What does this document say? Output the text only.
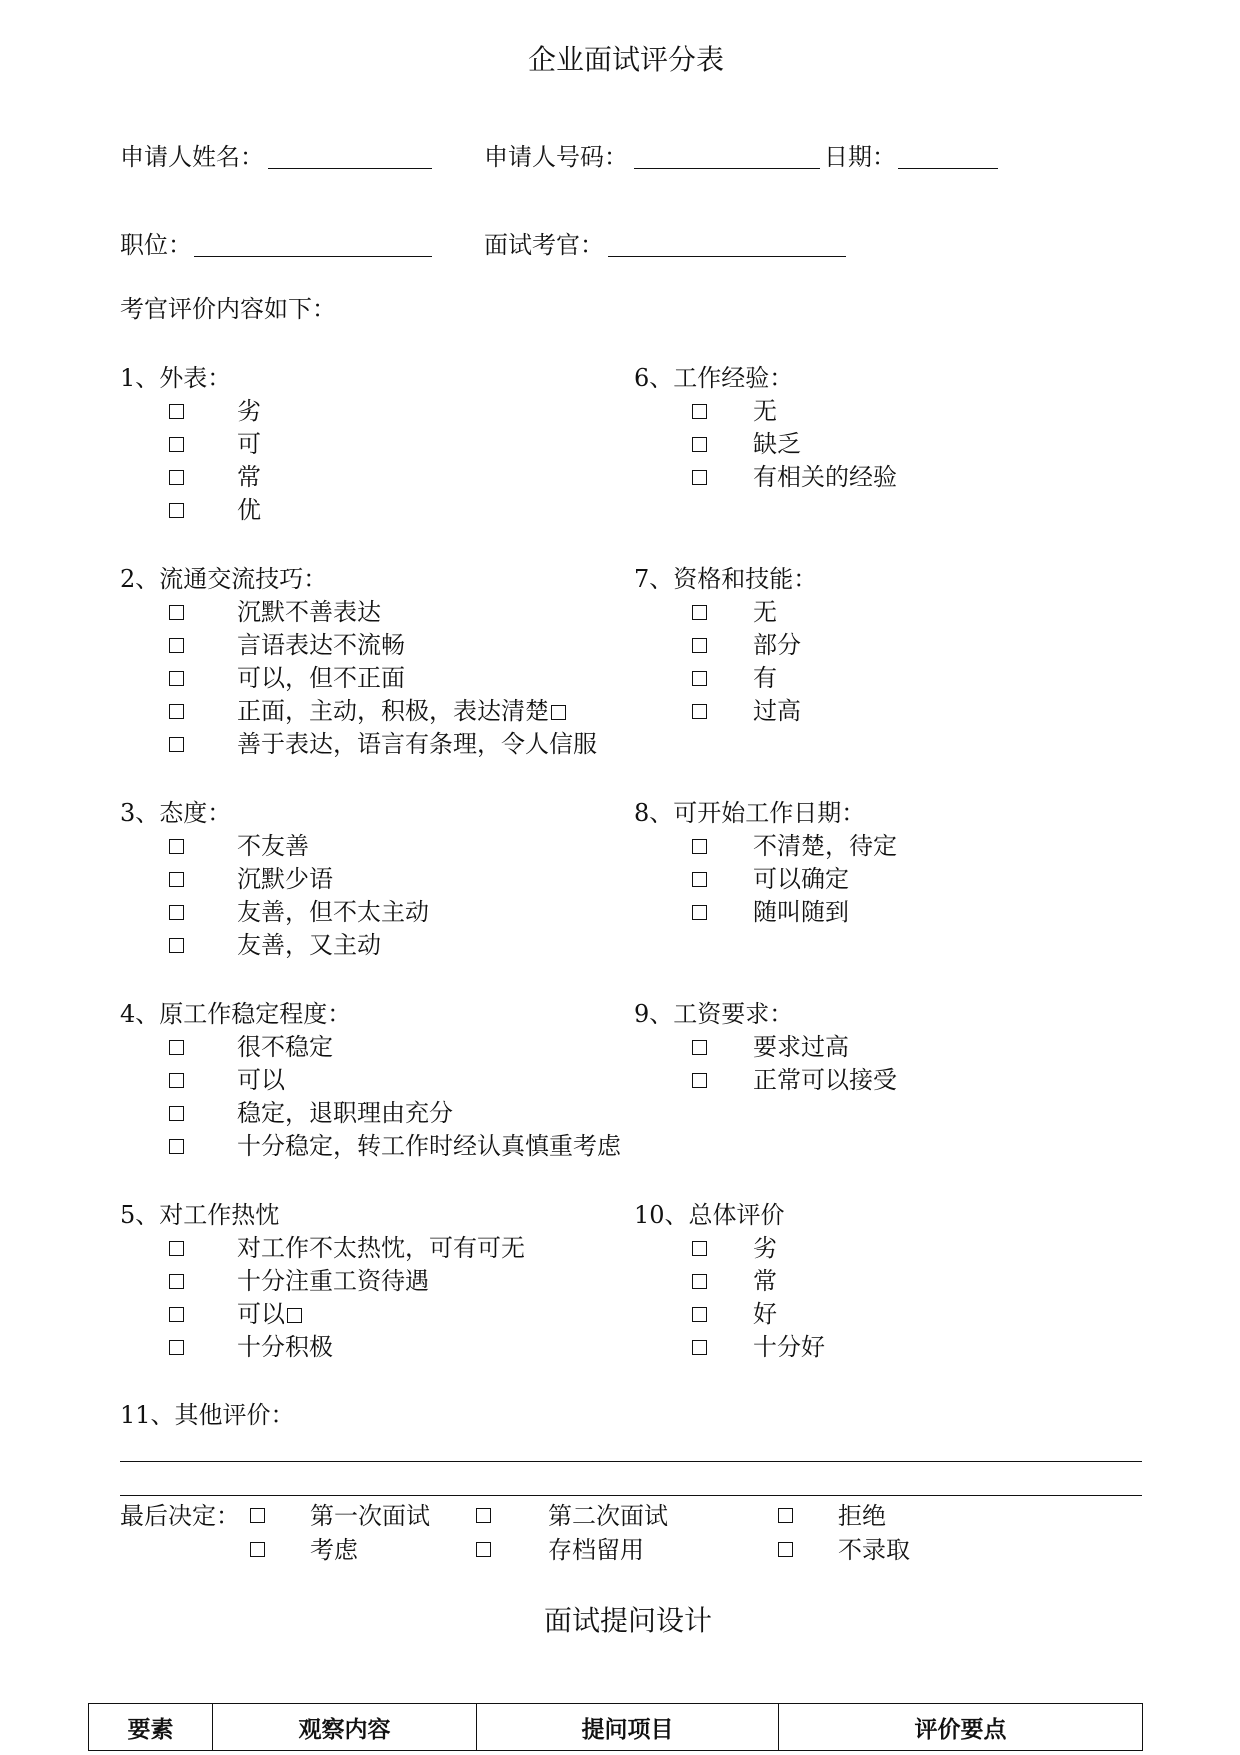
企业面试评分表
申请人姓名：	申请人号码：	日期：
职位：	面试考官：
考官评价内容如下：
1、外表：
劣
可
常
优
2、流通交流技巧：
沉默不善表达
言语表达不流畅
可以，但不正面
正面，主动，积极，表达清楚
善于表达，语言有条理，令人信服
3、态度：
不友善
沉默少语
友善，但不太主动
友善，又主动
4、原工作稳定程度：
很不稳定
可以
稳定，退职理由充分
十分稳定，转工作时经认真慎重考虑
5、对工作热忱
对工作不太热忱，可有可无
十分注重工资待遇
可以
十分积极
6、工作经验：
无
缺乏
有相关的经验
7、资格和技能：
无
部分
有
过高
8、可开始工作日期：
不清楚，待定
可以确定
随叫随到
9、工资要求：
要求过高
正常可以接受
10、总体评价
劣
常
好
十分好
11、其他评价：
最后决定：	第一次面试	第二次面试	拒绝
考虑	存档留用	不录取
面试提问设计
要素	观察内容	提问项目	评价要点
